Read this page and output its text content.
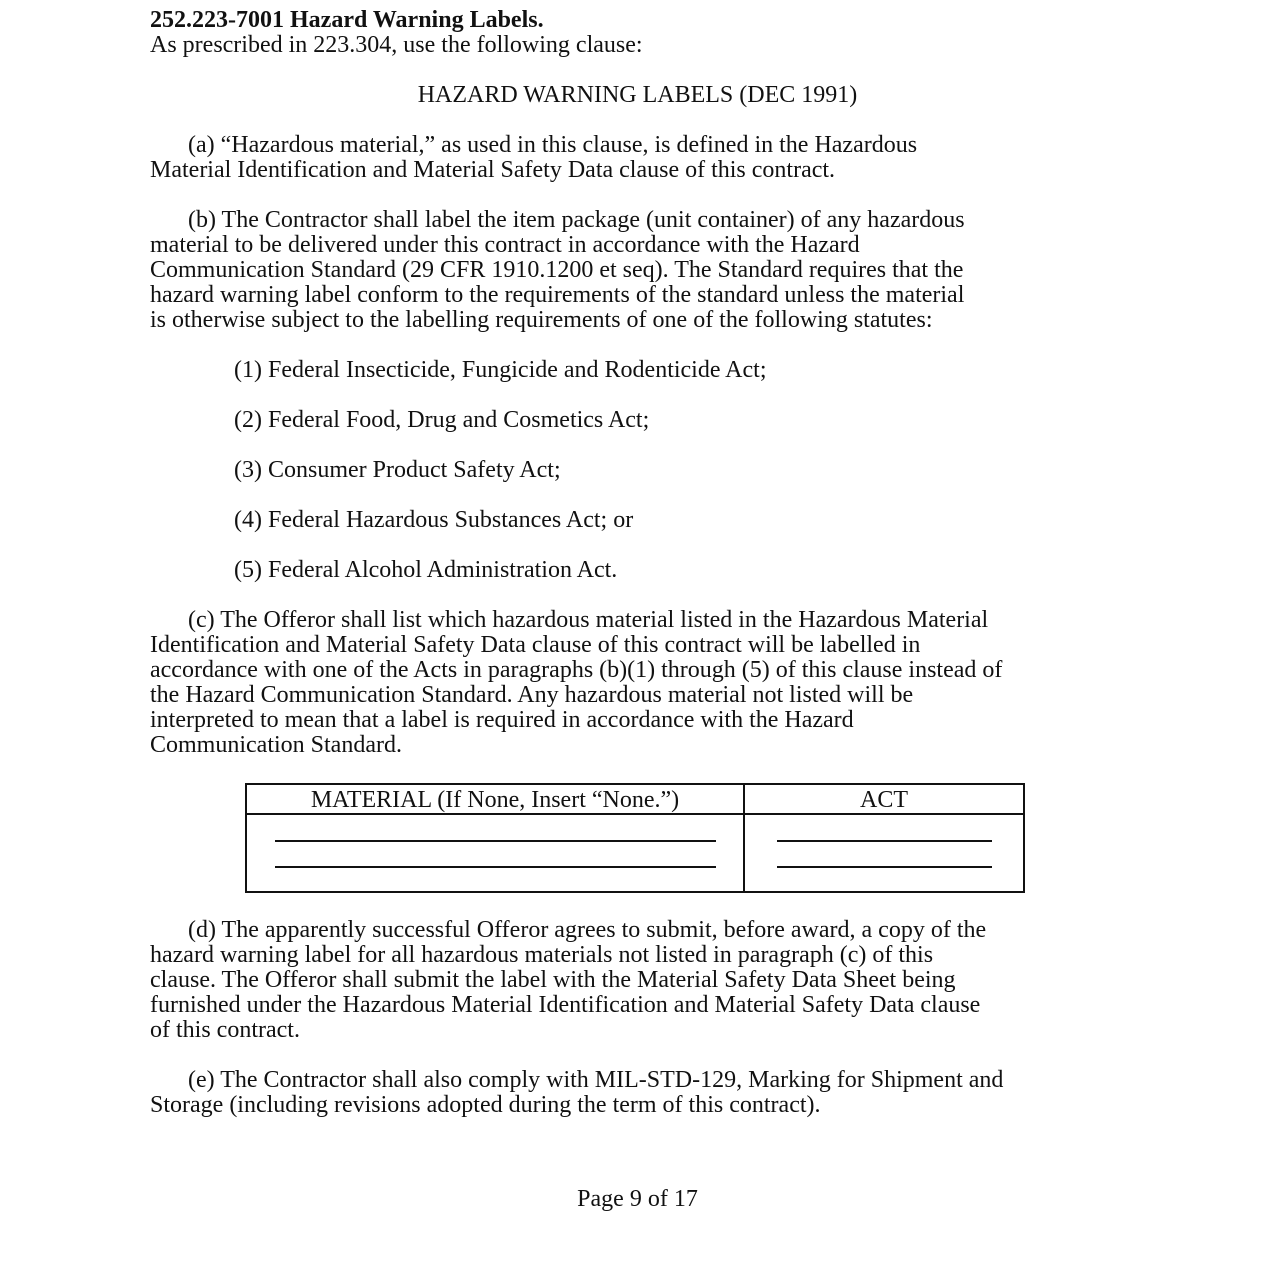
252.223-7001 Hazard Warning Labels.
As prescribed in 223.304, use the following clause:
HAZARD WARNING LABELS (DEC 1991)
(a) “Hazardous material,” as used in this clause, is defined in the Hazardous
Material Identification and Material Safety Data clause of this contract.
(b) The Contractor shall label the item package (unit container) of any hazardous
material to be delivered under this contract in accordance with the Hazard
Communication Standard (29 CFR 1910.1200 et seq). The Standard requires that the
hazard warning label conform to the requirements of the standard unless the material
is otherwise subject to the labelling requirements of one of the following statutes:
(1) Federal Insecticide, Fungicide and Rodenticide Act;
(2) Federal Food, Drug and Cosmetics Act;
(3) Consumer Product Safety Act;
(4) Federal Hazardous Substances Act; or
(5) Federal Alcohol Administration Act.
(c) The Offeror shall list which hazardous material listed in the Hazardous Material
Identification and Material Safety Data clause of this contract will be labelled in
accordance with one of the Acts in paragraphs (b)(1) through (5) of this clause instead of
the Hazard Communication Standard. Any hazardous material not listed will be
interpreted to mean that a label is required in accordance with the Hazard
Communication Standard.
MATERIAL (If None, Insert “None.”)	ACT
(d) The apparently successful Offeror agrees to submit, before award, a copy of the
hazard warning label for all hazardous materials not listed in paragraph (c) of this
clause. The Offeror shall submit the label with the Material Safety Data Sheet being
furnished under the Hazardous Material Identification and Material Safety Data clause
of this contract.
(e) The Contractor shall also comply with MIL-STD-129, Marking for Shipment and
Storage (including revisions adopted during the term of this contract).
Page 9 of 17
